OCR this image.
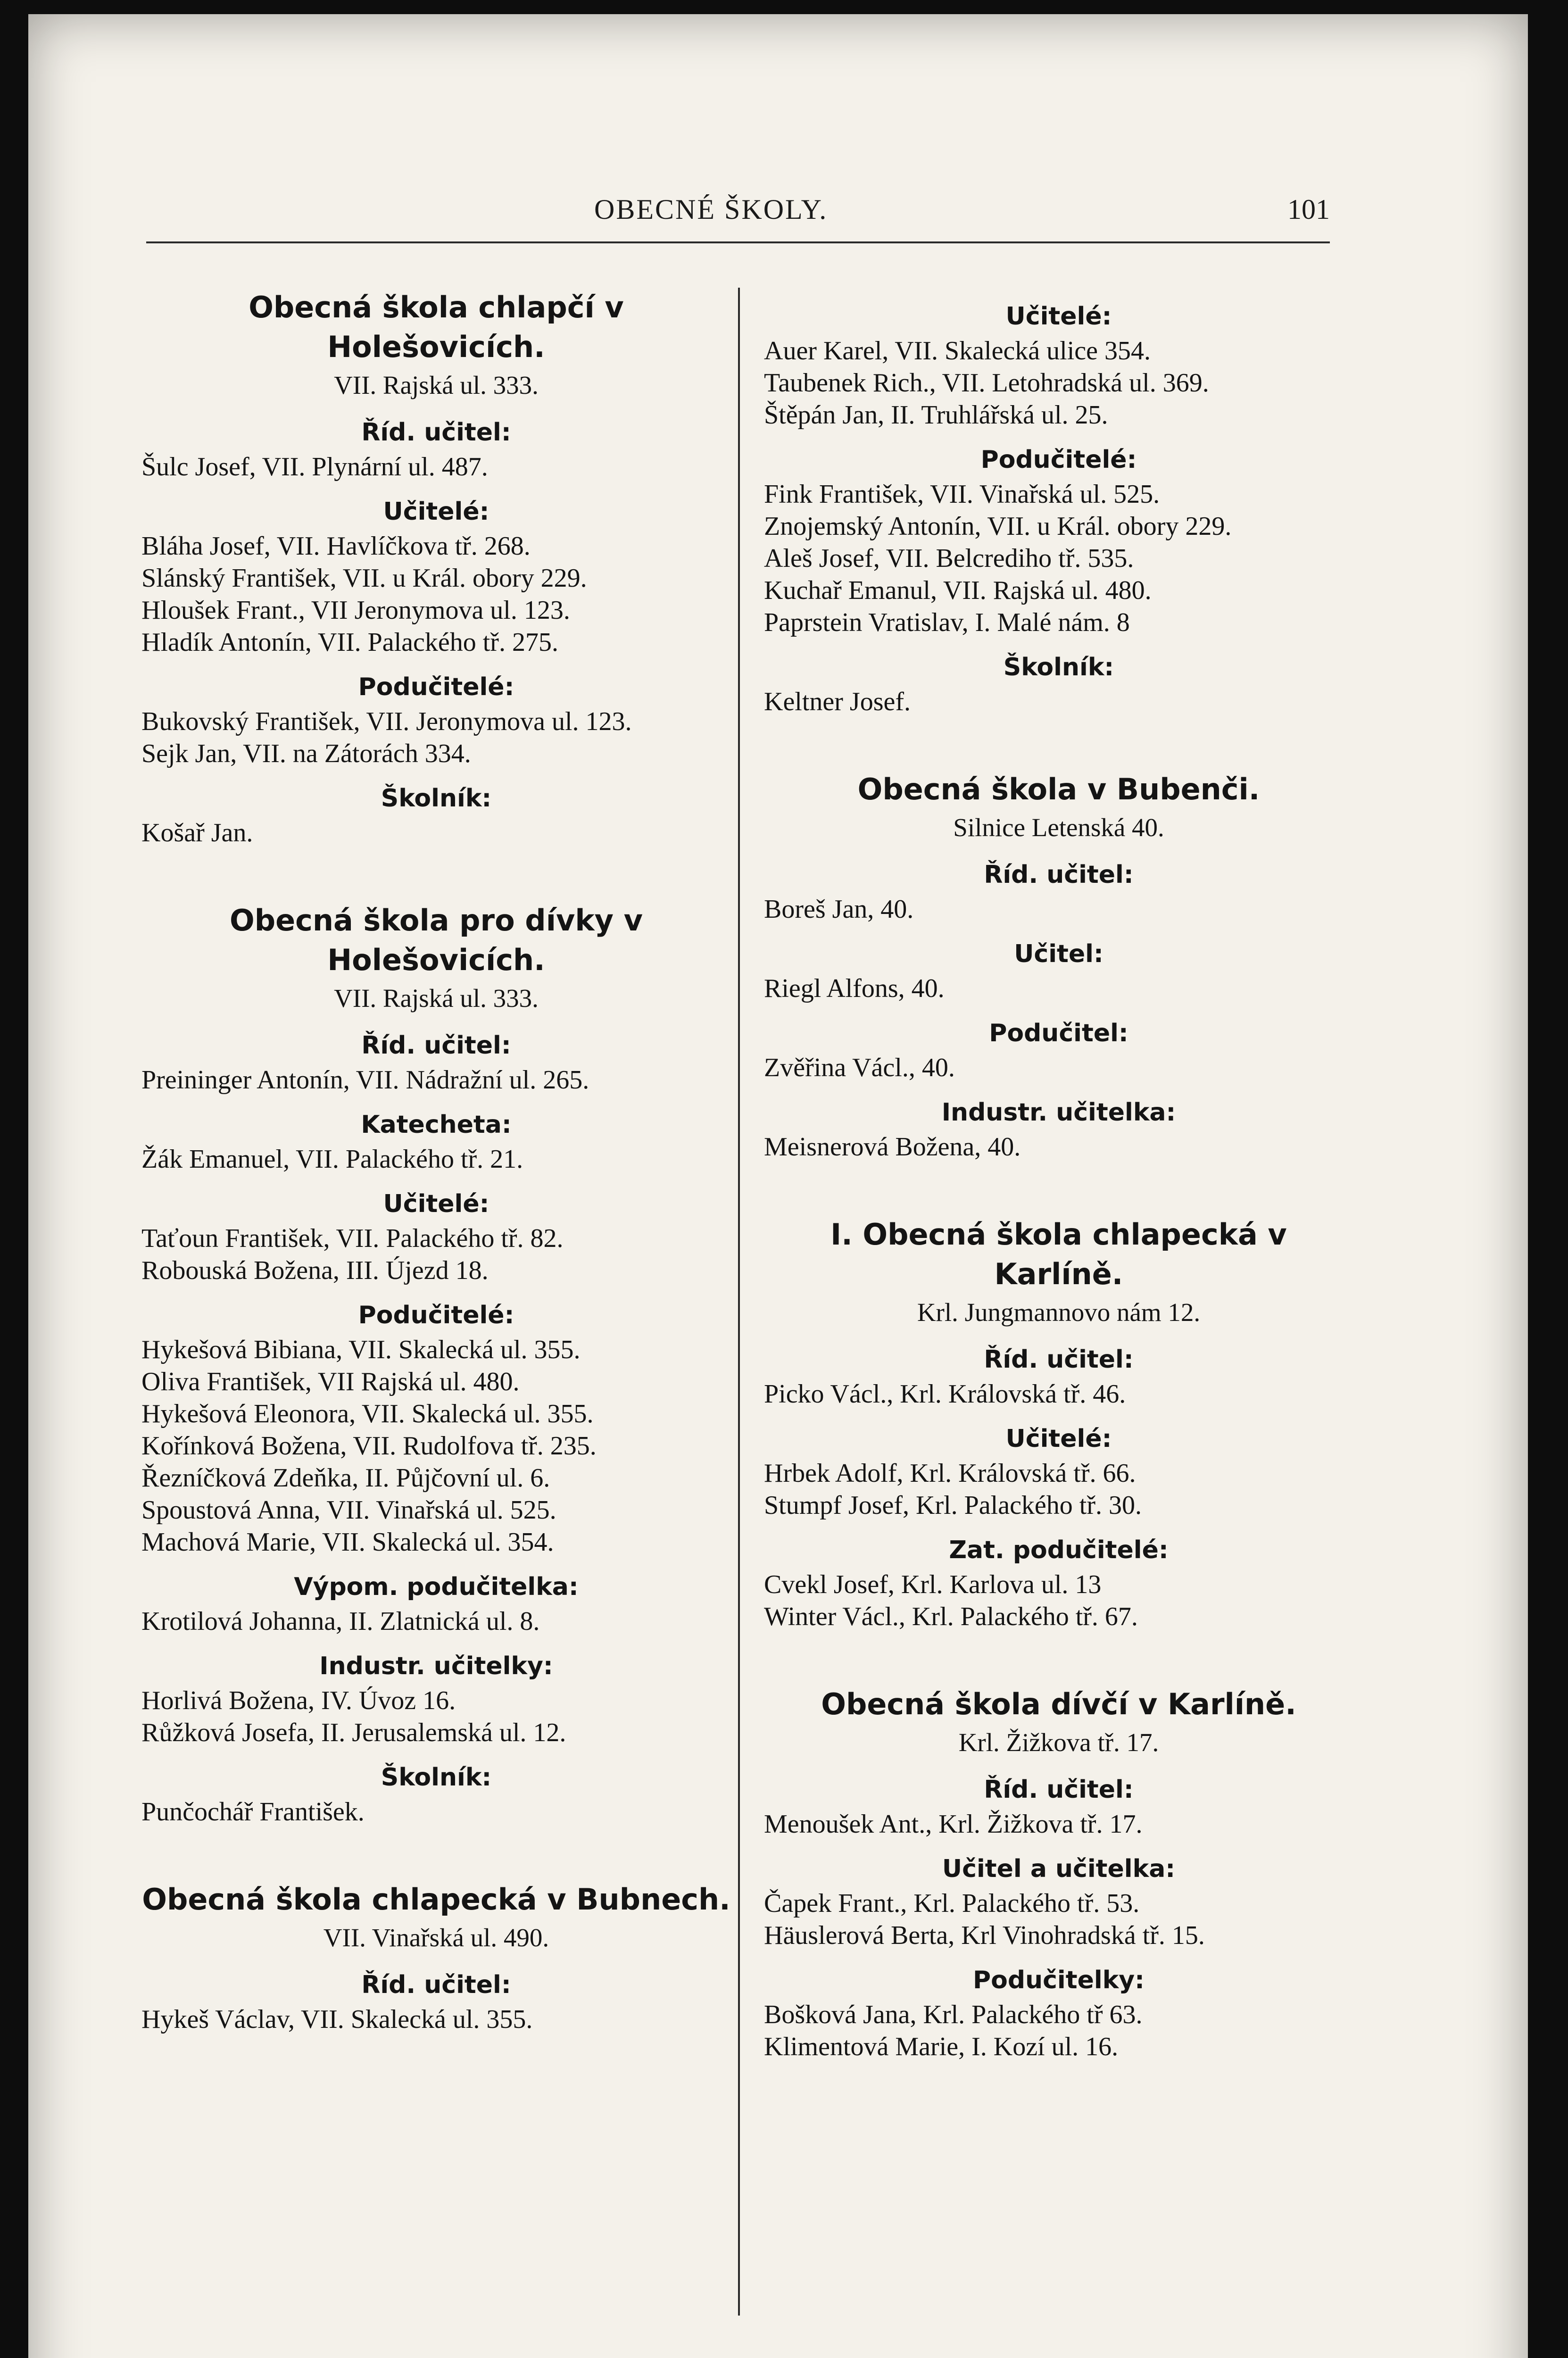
OBECNÉ ŠKOLY.	101
Obecná škola chlapčí v Holešovicích.
VII. Rajská ul. 333.
Říd. učitel:
Šulc Josef, VII. Plynární ul. 487.
Učitelé:
Bláha Josef, VII. Havlíčkova tř. 268.
Slánský František, VII. u Král. obory 229.
Hloušek Frant., VII Jeronymova ul. 123.
Hladík Antonín, VII. Palackého tř. 275.
Podučitelé:
Bukovský František, VII. Jeronymova ul. 123.
Sejk Jan, VII. na Zátorách 334.
Školník:
Košař Jan.
Obecná škola pro dívky v Holešovicích.
VII. Rajská ul. 333.
Říd. učitel:
Preininger Antonín, VII. Nádražní ul. 265.
Katecheta:
Žák Emanuel, VII. Palackého tř. 21.
Učitelé:
Taťoun František, VII. Palackého tř. 82.
Robouská Božena, III. Újezd 18.
Podučitelé:
Hykešová Bibiana, VII. Skalecká ul. 355.
Oliva František, VII Rajská ul. 480.
Hykešová Eleonora, VII. Skalecká ul. 355.
Kořínková Božena, VII. Rudolfova tř. 235.
Řezníčková Zdeňka, II. Půjčovní ul. 6.
Spoustová Anna, VII. Vinařská ul. 525.
Machová Marie, VII. Skalecká ul. 354.
Výpom. podučitelka:
Krotilová Johanna, II. Zlatnická ul. 8.
Industr. učitelky:
Horlivá Božena, IV. Úvoz 16.
Růžková Josefa, II. Jerusalemská ul. 12.
Školník:
Punčochář František.
Obecná škola chlapecká v Bubnech.
VII. Vinařská ul. 490.
Říd. učitel:
Hykeš Václav, VII. Skalecká ul. 355.
Učitelé:
Auer Karel, VII. Skalecká ulice 354.
Taubenek Rich., VII. Letohradská ul. 369.
Štěpán Jan, II. Truhlářská ul. 25.
Podučitelé:
Fink František, VII. Vinařská ul. 525.
Znojemský Antonín, VII. u Král. obory 229.
Aleš Josef, VII. Belcrediho tř. 535.
Kuchař Emanul, VII. Rajská ul. 480.
Paprstein Vratislav, I. Malé nám. 8
Školník:
Keltner Josef.
Obecná škola v Bubenči.
Silnice Letenská 40.
Říd. učitel:
Boreš Jan, 40.
Učitel:
Riegl Alfons, 40.
Podučitel:
Zvěřina Václ., 40.
Industr. učitelka:
Meisnerová Božena, 40.
I. Obecná škola chlapecká v Karlíně.
Krl. Jungmannovo nám 12.
Říd. učitel:
Picko Václ., Krl. Královská tř. 46.
Učitelé:
Hrbek Adolf, Krl. Královská tř. 66.
Stumpf Josef, Krl. Palackého tř. 30.
Zat. podučitelé:
Cvekl Josef, Krl. Karlova ul. 13
Winter Václ., Krl. Palackého tř. 67.
Obecná škola dívčí v Karlíně.
Krl. Žižkova tř. 17.
Říd. učitel:
Menoušek Ant., Krl. Žižkova tř. 17.
Učitel a učitelka:
Čapek Frant., Krl. Palackého tř. 53.
Häuslerová Berta, Krl Vinohradská tř. 15.
Podučitelky:
Bošková Jana, Krl. Palackého tř 63.
Klimentová Marie, I. Kozí ul. 16.
